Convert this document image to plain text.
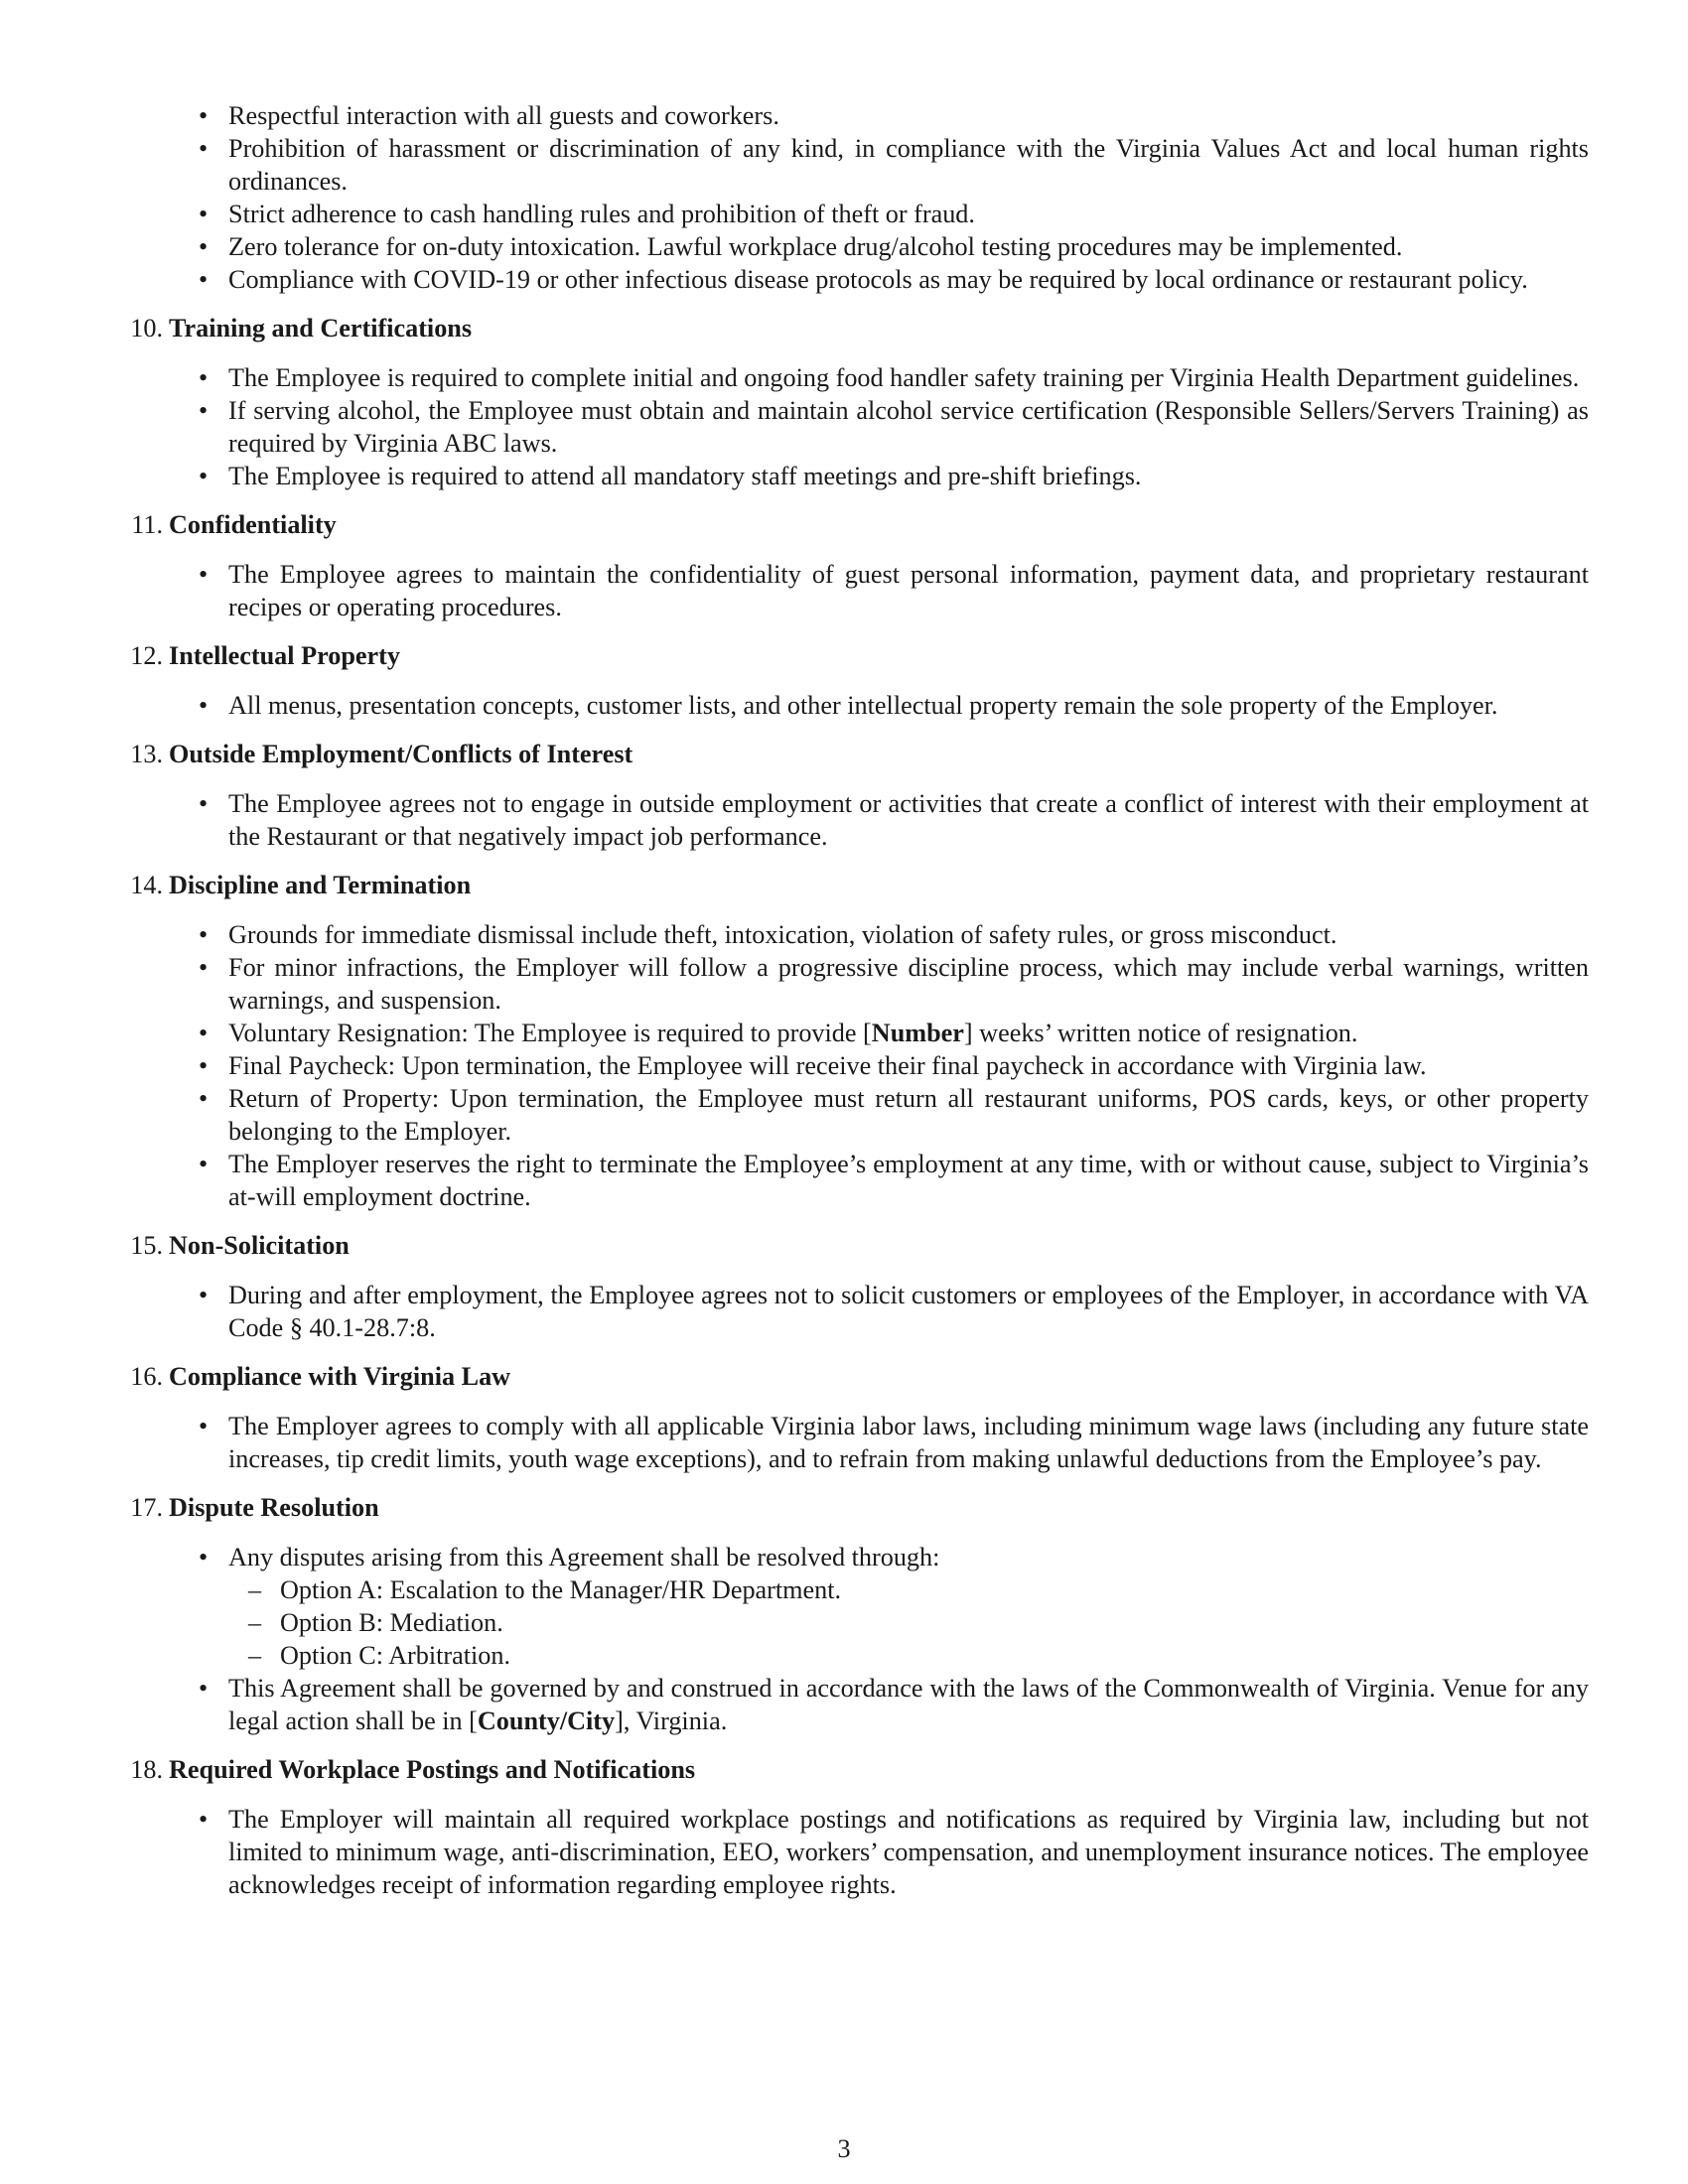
• Respectful interaction with all guests and coworkers.
• Prohibition of harassment or discrimination of any kind, in compliance with the Virginia Values Act and local human rights ordinances.
• Strict adherence to cash handling rules and prohibition of theft or fraud.
• Zero tolerance for on-duty intoxication. Lawful workplace drug/alcohol testing procedures may be implemented.
• Compliance with COVID-19 or other infectious disease protocols as may be required by local ordinance or restaurant policy.
10. Training and Certifications
• The Employee is required to complete initial and ongoing food handler safety training per Virginia Health Department guidelines.
• If serving alcohol, the Employee must obtain and maintain alcohol service certification (Responsible Sellers/Servers Training) as required by Virginia ABC laws.
• The Employee is required to attend all mandatory staff meetings and pre-shift briefings.
11. Confidentiality
• The Employee agrees to maintain the confidentiality of guest personal information, payment data, and proprietary restaurant recipes or operating procedures.
12. Intellectual Property
• All menus, presentation concepts, customer lists, and other intellectual property remain the sole property of the Employer.
13. Outside Employment/Conflicts of Interest
• The Employee agrees not to engage in outside employment or activities that create a conflict of interest with their employment at the Restaurant or that negatively impact job performance.
14. Discipline and Termination
• Grounds for immediate dismissal include theft, intoxication, violation of safety rules, or gross misconduct.
• For minor infractions, the Employer will follow a progressive discipline process, which may include verbal warnings, written warnings, and suspension.
• Voluntary Resignation: The Employee is required to provide [Number] weeks’ written notice of resignation.
• Final Paycheck: Upon termination, the Employee will receive their final paycheck in accordance with Virginia law.
• Return of Property: Upon termination, the Employee must return all restaurant uniforms, POS cards, keys, or other property belonging to the Employer.
• The Employer reserves the right to terminate the Employee’s employment at any time, with or without cause, subject to Virginia’s at-will employment doctrine.
15. Non-Solicitation
• During and after employment, the Employee agrees not to solicit customers or employees of the Employer, in accordance with VA Code § 40.1-28.7:8.
16. Compliance with Virginia Law
• The Employer agrees to comply with all applicable Virginia labor laws, including minimum wage laws (including any future state increases, tip credit limits, youth wage exceptions), and to refrain from making unlawful deductions from the Employee’s pay.
17. Dispute Resolution
• Any disputes arising from this Agreement shall be resolved through:
– Option A: Escalation to the Manager/HR Department.
– Option B: Mediation.
– Option C: Arbitration.
• This Agreement shall be governed by and construed in accordance with the laws of the Commonwealth of Virginia. Venue for any legal action shall be in [County/City], Virginia.
18. Required Workplace Postings and Notifications
• The Employer will maintain all required workplace postings and notifications as required by Virginia law, including but not limited to minimum wage, anti-discrimination, EEO, workers’ compensation, and unemployment insurance notices. The employee acknowledges receipt of information regarding employee rights.
3
